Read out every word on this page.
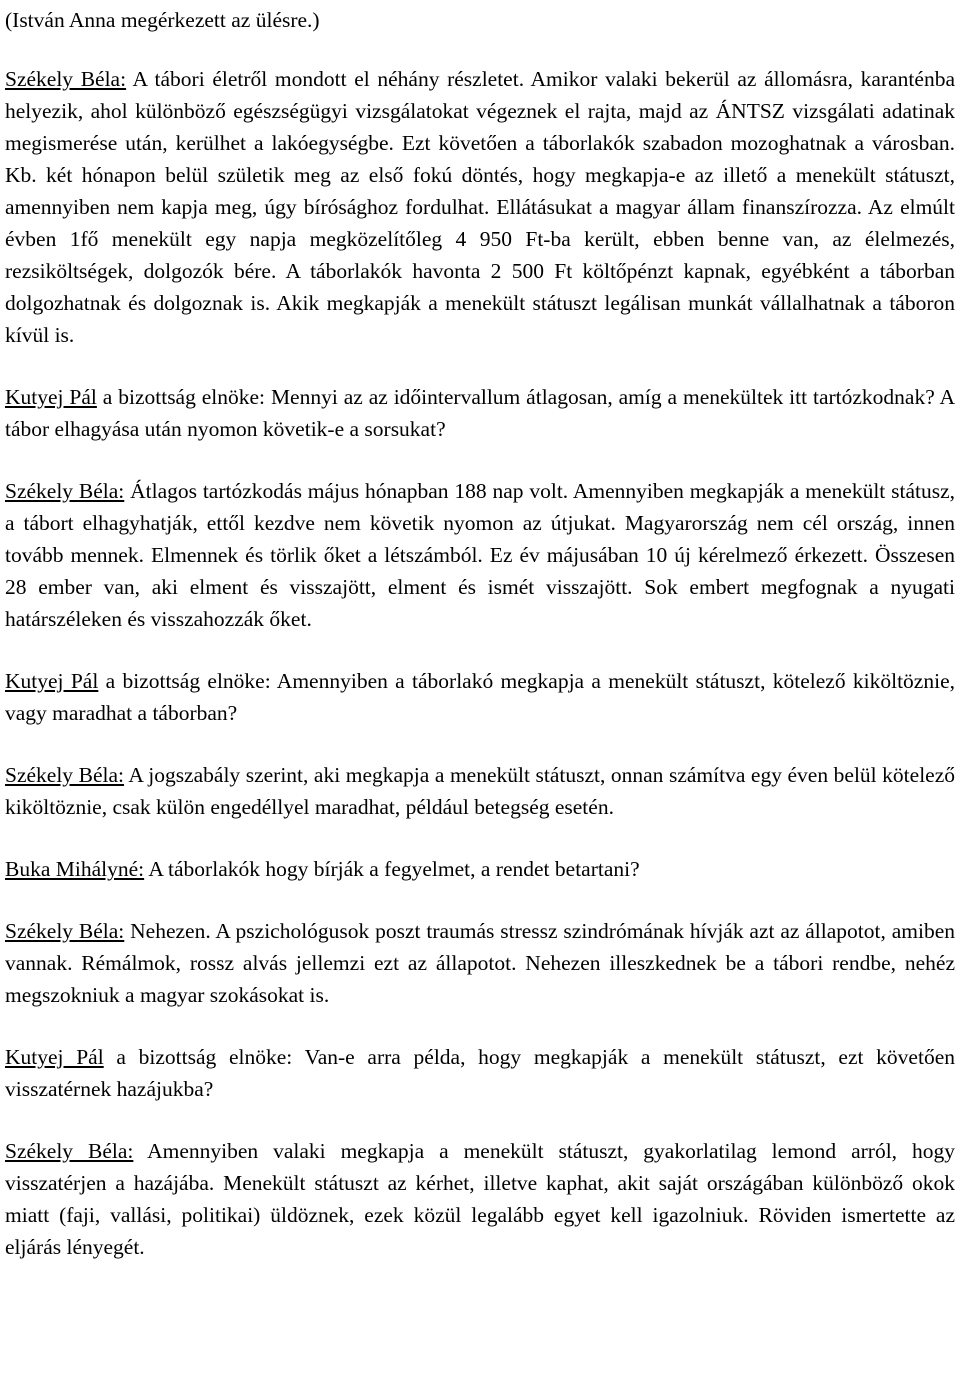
(István Anna megérkezett az ülésre.)

Székely Béla: A tábori életről mondott el néhány részletet. Amikor valaki bekerül az állomásra, karanténba helyezik, ahol különböző egészségügyi vizsgálatokat végeznek el rajta, majd az ÁNTSZ vizsgálati adatinak megismerése után, kerülhet a lakóegységbe. Ezt követően a táborlakók szabadon mozoghatnak a városban. Kb. két hónapon belül születik meg az első fokú döntés, hogy megkapja-e az illető a menekült státuszt, amennyiben nem kapja meg, úgy bírósághoz fordulhat. Ellátásukat a magyar állam finanszírozza. Az elmúlt évben 1fő menekült egy napja megközelítőleg 4 950 Ft-ba került, ebben benne van, az élelmezés, rezsiköltségek, dolgozók bére. A táborlakók havonta 2 500 Ft költőpénzt kapnak, egyébként a táborban dolgozhatnak és dolgoznak is. Akik megkapják a menekült státuszt legálisan munkát vállalhatnak a táboron kívül is.

Kutyej Pál a bizottság elnöke: Mennyi az az időintervallum átlagosan, amíg a menekültek itt tartózkodnak? A tábor elhagyása után nyomon követik-e a sorsukat?

Székely Béla: Átlagos tartózkodás május hónapban 188 nap volt. Amennyiben megkapják a menekült státusz, a tábort elhagyhatják, ettől kezdve nem követik nyomon az útjukat. Magyarország nem cél ország, innen tovább mennek. Elmennek és törlik őket a létszámból. Ez év májusában 10 új kérelmező érkezett. Összesen 28 ember van, aki elment és visszajött, elment és ismét visszajött. Sok embert megfognak a nyugati határszéleken és visszahozzák őket.

Kutyej Pál a bizottság elnöke: Amennyiben a táborlakó megkapja a menekült státuszt, kötelező kiköltöznie, vagy maradhat a táborban?

Székely Béla: A jogszabály szerint, aki megkapja a menekült státuszt, onnan számítva egy éven belül kötelező kiköltöznie, csak külön engedéllyel maradhat, például betegség esetén.

Buka Mihályné: A táborlakók hogy bírják a fegyelmet, a rendet betartani?

Székely Béla: Nehezen. A pszichológusok poszt traumás stressz szindrómának hívják azt az állapotot, amiben vannak. Rémálmok, rossz alvás jellemzi ezt az állapotot. Nehezen illeszkednek be a tábori rendbe, nehéz megszokniuk a magyar szokásokat is.

Kutyej Pál a bizottság elnöke: Van-e arra példa, hogy megkapják a menekült státuszt, ezt követően visszatérnek hazájukba?

Székely Béla: Amennyiben valaki megkapja a menekült státuszt, gyakorlatilag lemond arról, hogy visszatérjen a hazájába. Menekült státuszt az kérhet, illetve kaphat, akit saját országában különböző okok miatt (faji, vallási, politikai) üldöznek, ezek közül legalább egyet kell igazolniuk. Röviden ismertette az eljárás lényegét.
